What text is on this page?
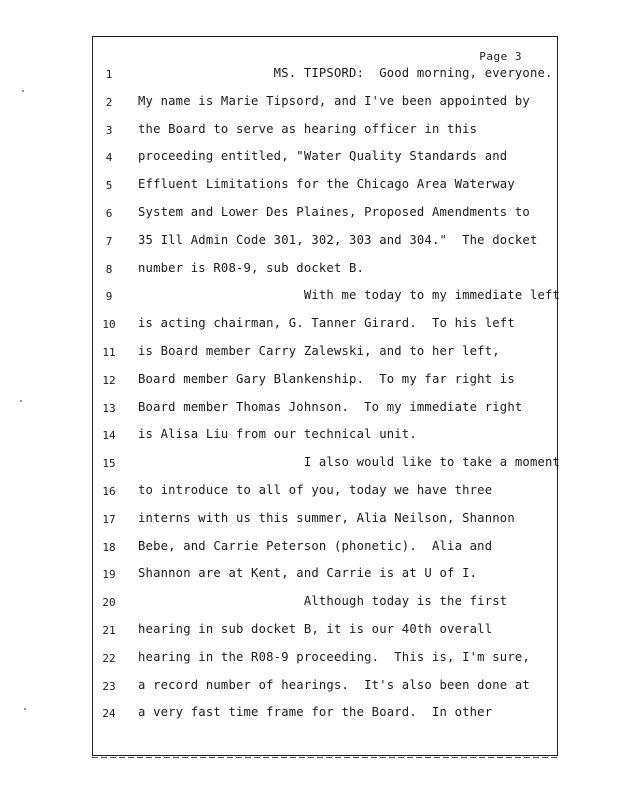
Page 3
1	MS. TIPSORD:  Good morning, everyone.
2	My name is Marie Tipsord, and I've been appointed by
3	the Board to serve as hearing officer in this
4	proceeding entitled, "Water Quality Standards and
5	Effluent Limitations for the Chicago Area Waterway
6	System and Lower Des Plaines, Proposed Amendments to
7	35 Ill Admin Code 301, 302, 303 and 304."  The docket
8	number is R08-9, sub docket B.
9	With me today to my immediate left
10	is acting chairman, G. Tanner Girard.  To his left
11	is Board member Carry Zalewski, and to her left,
12	Board member Gary Blankenship.  To my far right is
13	Board member Thomas Johnson.  To my immediate right
14	is Alisa Liu from our technical unit.
15	I also would like to take a moment
16	to introduce to all of you, today we have three
17	interns with us this summer, Alia Neilson, Shannon
18	Bebe, and Carrie Peterson (phonetic).  Alia and
19	Shannon are at Kent, and Carrie is at U of I.
20	Although today is the first
21	hearing in sub docket B, it is our 40th overall
22	hearing in the R08-9 proceeding.  This is, I'm sure,
23	a record number of hearings.  It's also been done at
24	a very fast time frame for the Board.  In other
